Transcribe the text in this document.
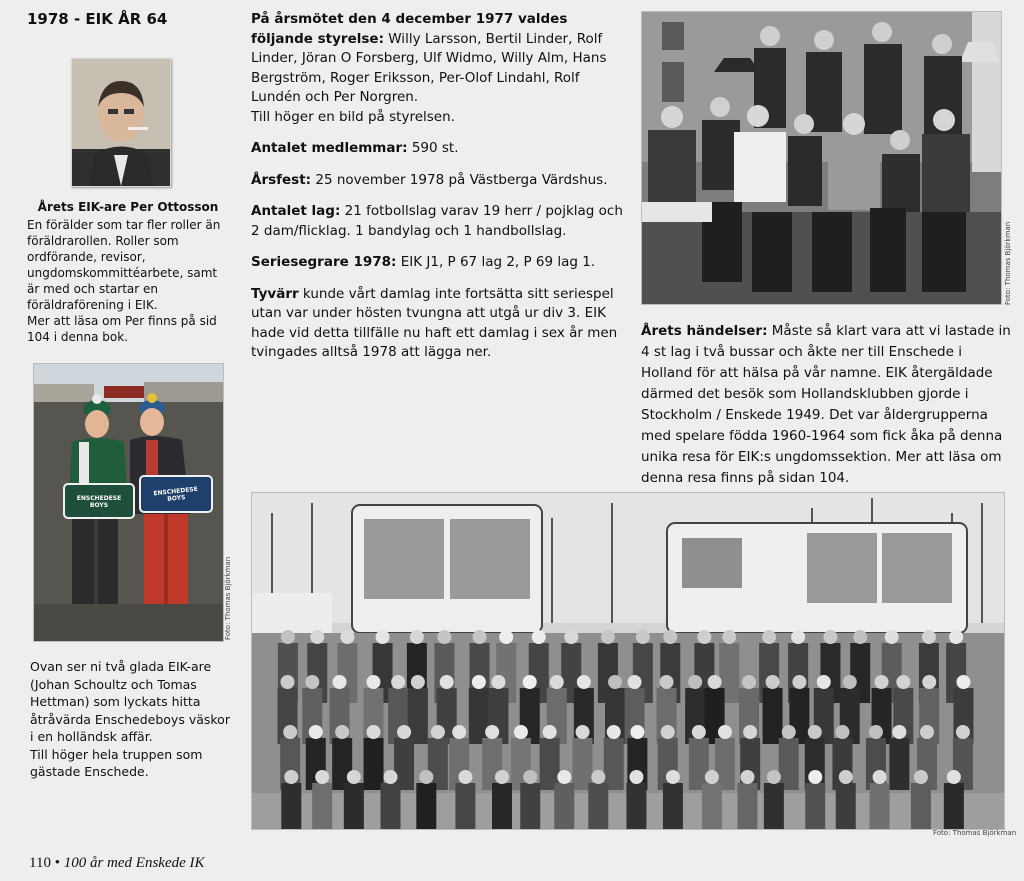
1978 - EIK ÅR 64
Årets EIK-are Per Ottosson
En förälder som tar fler roller än föräldrarollen. Roller som ordförande, revisor, ungdomskommittéarbete, samt är med och startar en föräldraförening i EIK.
Mer att läsa om Per finns på sid 104 i denna bok.
ENSCHEDESE BOYS
ENSCHEDESE BOYS
Foto: Thomas Björkman
Ovan ser ni två glada EIK-are (Johan Schoultz och Tomas Hettman) som lyckats hitta åtråvärda Enschedeboys väskor i en holländsk affär.
Till höger hela truppen som gästade Enschede.

På årsmötet den 4 december 1977 valdes följande styrelse: Willy Larsson, Bertil Linder, Rolf Linder, Jöran O Forsberg, Ulf Widmo, Willy Alm, Hans Bergström, Roger Eriksson, Per-Olof Lindahl, Rolf Lundén och Per Norgren.
Till höger en bild på styrelsen.

Antalet medlemmar: 590 st.

Årsfest: 25 november 1978 på Västberga Värdshus.

Antalet lag: 21 fotbollslag varav 19 herr / pojklag och 2 dam/flicklag. 1 bandylag och 1 handbollslag.

Seriesegrare 1978: EIK J1, P 67 lag 2, P 69 lag 1.

Tyvärr kunde vårt damlag inte fortsätta sitt seriespel utan var under hösten tvungna att utgå ur div 3. EIK hade vid detta tillfälle nu haft ett damlag i sex år men tvingades alltså 1978 att lägga ner.

Foto: Thomas Björkman
Årets händelser: Måste så klart vara att vi lastade in 4 st lag i två bussar och åkte ner till Enschede i Holland för att hälsa på vår namne. EIK återgäldade därmed det besök som Hollandsklubben gjorde i Stockholm / Enskede 1949. Det var åldergrupperna med spelare födda 1960-1964 som fick åka på denna unika resa för EIK:s ungdomssektion. Mer att läsa om denna resa finns på sidan 104.
Foto: Thomas Björkman
110 • 100 år med Enskede IK
